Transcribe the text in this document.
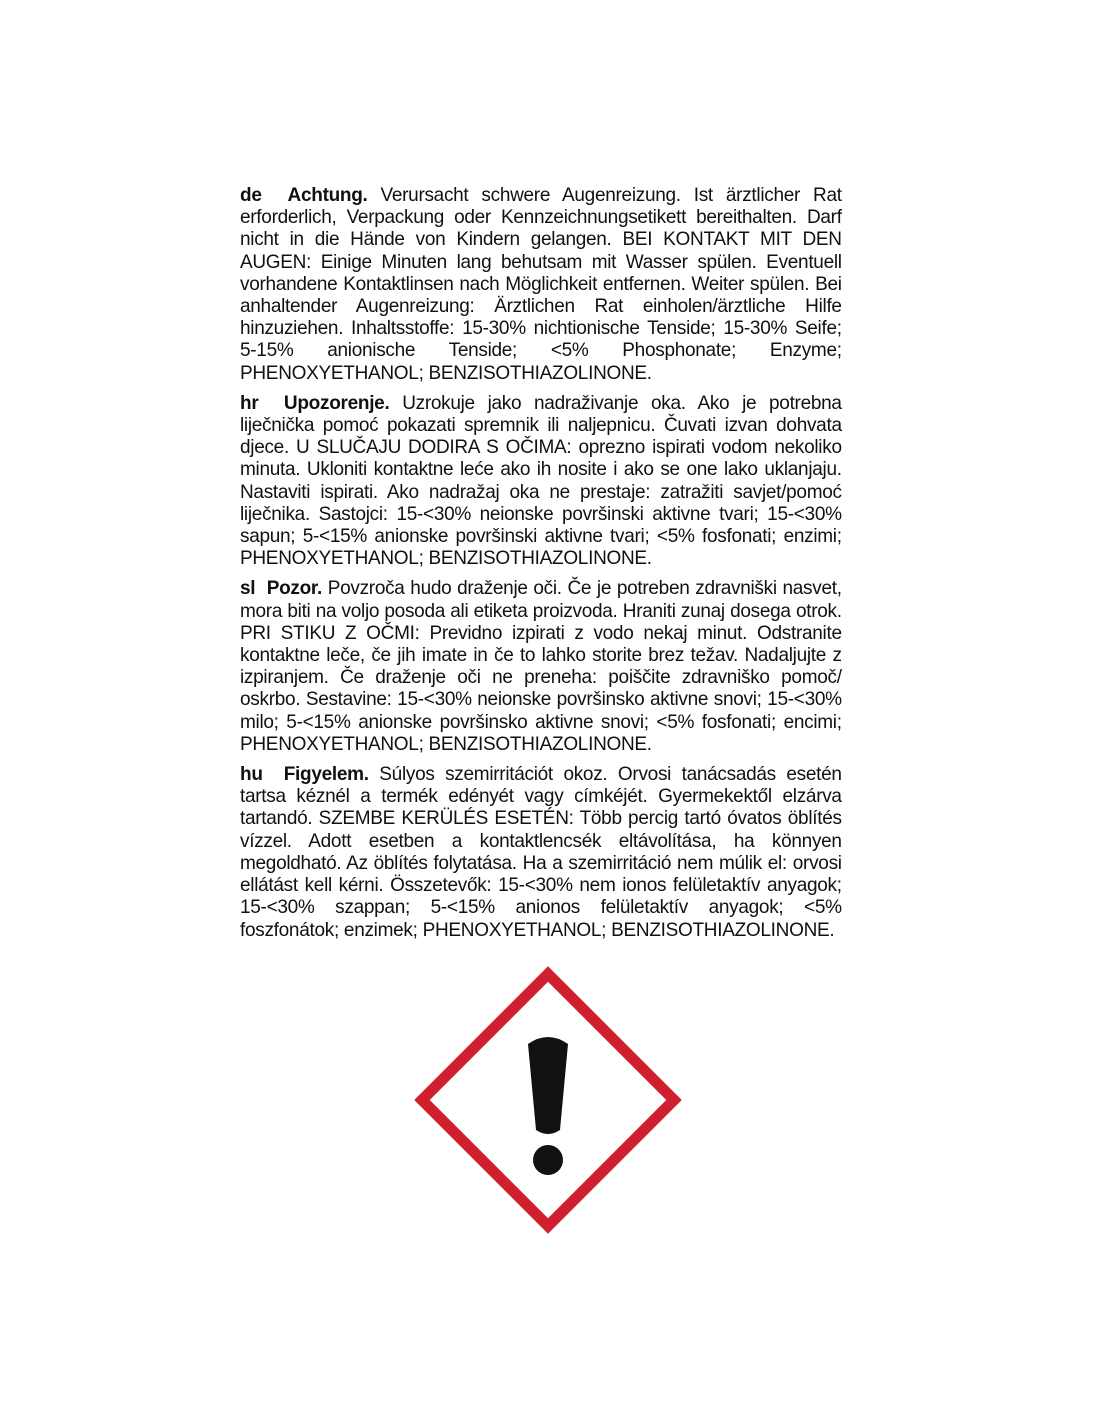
de Achtung. Verursacht schwere Augenreizung. Ist ärztlicher Rat erforderlich, Verpackung oder Kennzeichnungsetikett bereithalten. Darf nicht in die Hände von Kindern gelangen. BEI KONTAKT MIT DEN AUGEN: Einige Minuten lang behutsam mit Wasser spülen. Eventuell vorhandene Kontaktlinsen nach Möglichkeit entfernen. Weiter spülen. Bei anhaltender Augenreizung: Ärztlichen Rat einholen/ärztliche Hilfe hinzuziehen. Inhaltsstoffe: 15-30% nichtionische Tenside; 15-30% Seife; 5-15% anionische Tenside; <5% Phosphonate; Enzyme; PHENOXYETHANOL; BENZISOTHIAZOLINONE.

hr Upozorenje. Uzrokuje jako nadraživanje oka. Ako je potrebna liječnička pomoć pokazati spremnik ili naljepnicu. Čuvati izvan dohvata djece. U SLUČAJU DODIRA S OČIMA: oprezno ispirati vodom nekoliko minuta. Ukloniti kontaktne leće ako ih nosite i ako se one lako uklanjaju. Nastaviti ispirati. Ako nadražaj oka ne prestaje: zatražiti savjet/pomoć liječnika. Sastojci: 15-<30% neionske površinski aktivne tvari; 15-<30% sapun; 5-<15% anionske površinski aktivne tvari; <5% fosfonati; enzimi; PHENOXYETHANOL; BENZISOTHIAZOLINONE.

sl Pozor. Povzroča hudo draženje oči. Če je potreben zdravniški nasvet, mora biti na voljo posoda ali etiketa proizvoda. Hraniti zunaj dosega otrok. PRI STIKU Z OČMI: Previdno izpirati z vodo nekaj minut. Odstranite kontaktne leče, če jih imate in če to lahko storite brez težav. Nadaljujte z izpiranjem. Če draženje oči ne preneha: poiščite zdravniško pomoč/ oskrbo. Sestavine: 15-<30% neionske površinsko aktivne snovi; 15-<30% milo; 5-<15% anionske površinsko aktivne snovi; <5% fosfonati; encimi; PHENOXYETHANOL; BENZISOTHIAZOLINONE.

hu Figyelem. Súlyos szemirritációt okoz. Orvosi tanácsadás esetén tartsa kéznél a termék edényét vagy címkéjét. Gyermekektől elzárva tartandó. SZEMBE KERÜLÉS ESETÉN: Több percig tartó óvatos öblítés vízzel. Adott esetben a kontaktlencsék eltávolítása, ha könnyen megoldható. Az öblítés folytatása. Ha a szemirritáció nem múlik el: orvosi ellátást kell kérni. Összetevők: 15-<30% nem ionos felületaktív anyagok; 15-<30% szappan; 5-<15% anionos felületaktív anyagok; <5% foszfonátok; enzimek; PHENOXYETHANOL; BENZISOTHIAZOLINONE.
